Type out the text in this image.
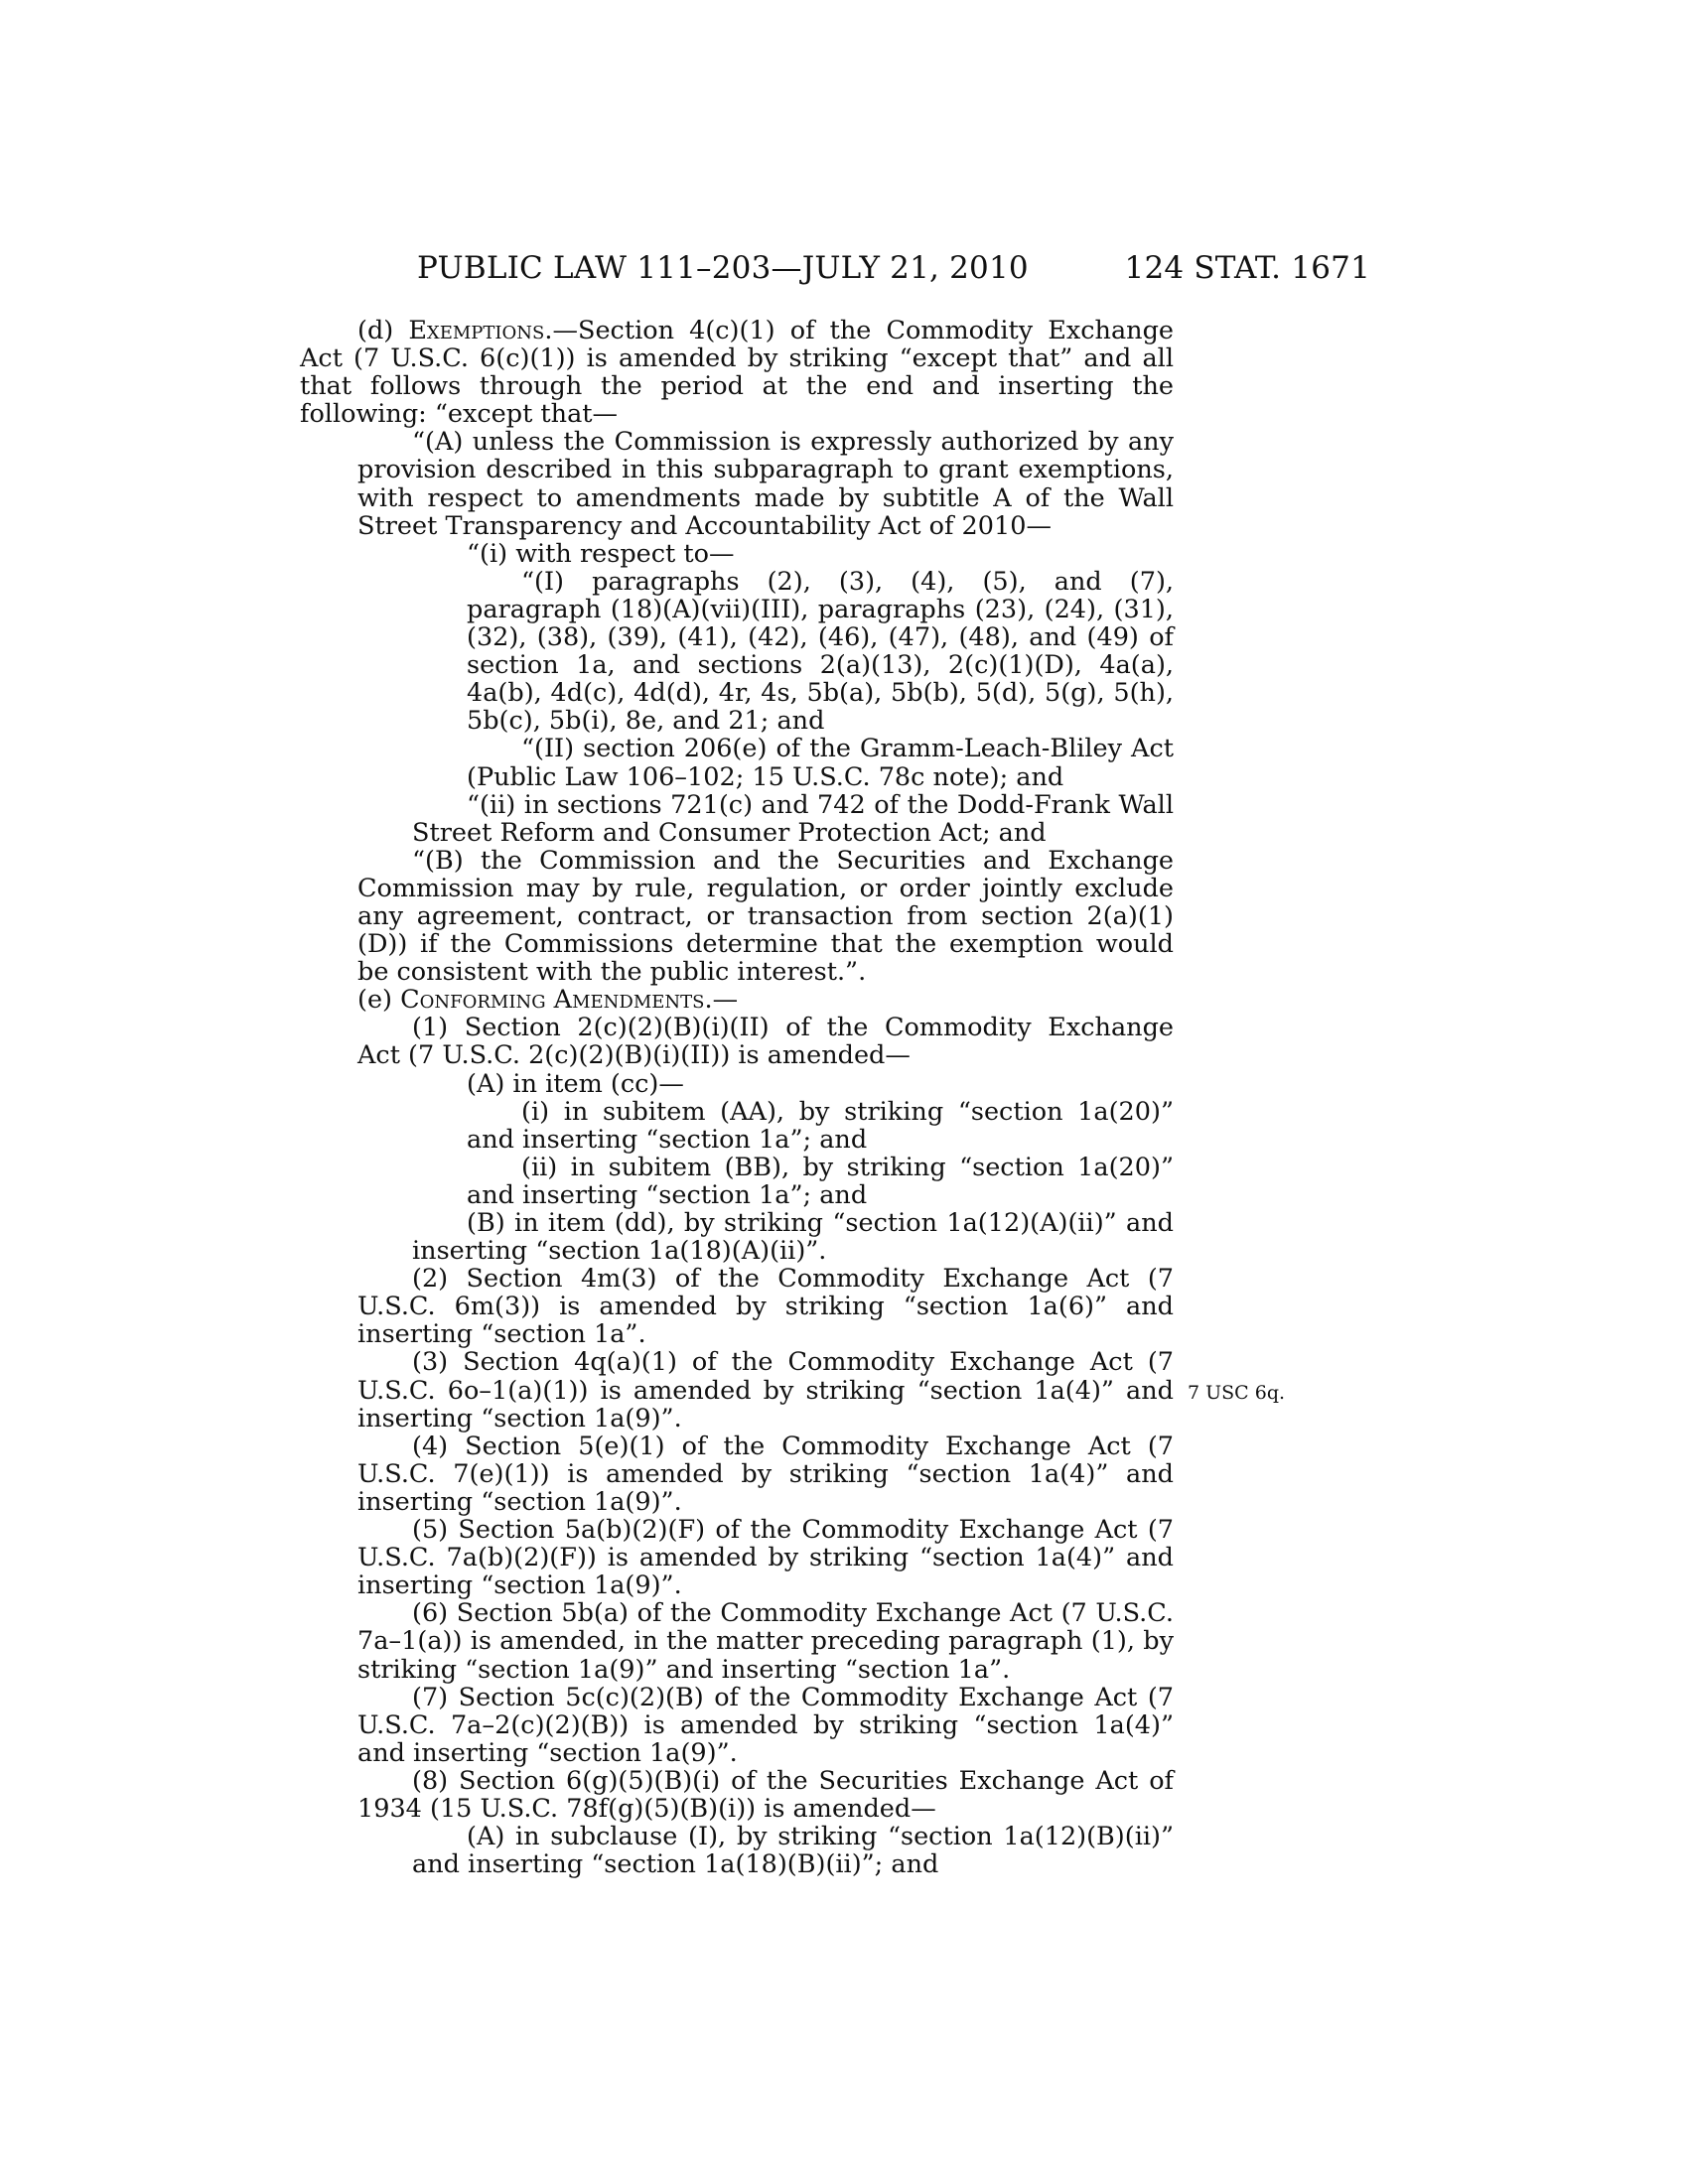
PUBLIC LAW 111–203—JULY 21, 2010	124 STAT. 1671
7 USC 6q.

(d) Exemptions.—Section 4(c)(1) of the Commodity Exchange Act (7 U.S.C. 6(c)(1)) is amended by striking “except that” and all that follows through the period at the end and inserting the following: “except that—

“(A) unless the Commission is expressly authorized by any provision described in this subparagraph to grant exemptions, with respect to amendments made by subtitle A of the Wall Street Transparency and Accountability Act of 2010—

“(i) with respect to—

“(I) paragraphs (2), (3), (4), (5), and (7), paragraph (18)(A)(vii)(III), paragraphs (23), (24), (31), (32), (38), (39), (41), (42), (46), (47), (48), and (49) of section 1a, and sections 2(a)(13), 2(c)(1)(D), 4a(a), 4a(b), 4d(c), 4d(d), 4r, 4s, 5b(a), 5b(b), 5(d), 5(g), 5(h), 5b(c), 5b(i), 8e, and 21; and

“(II) section 206(e) of the Gramm-Leach-Bliley Act (Public Law 106–102; 15 U.S.C. 78c note); and

“(ii) in sections 721(c) and 742 of the Dodd-Frank Wall Street Reform and Consumer Protection Act; and

“(B) the Commission and the Securities and Exchange Commission may by rule, regulation, or order jointly exclude any agreement, contract, or transaction from section 2(a)(1)(D)) if the Commissions determine that the exemption would be consistent with the public interest.”.

(e) Conforming Amendments.—

(1) Section 2(c)(2)(B)(i)(II) of the Commodity Exchange Act (7 U.S.C. 2(c)(2)(B)(i)(II)) is amended—

(A) in item (cc)—

(i) in subitem (AA), by striking “section 1a(20)” and inserting “section 1a”; and

(ii) in subitem (BB), by striking “section 1a(20)” and inserting “section 1a”; and

(B) in item (dd), by striking “section 1a(12)(A)(ii)” and inserting “section 1a(18)(A)(ii)”.

(2) Section 4m(3) of the Commodity Exchange Act (7 U.S.C. 6m(3)) is amended by striking “section 1a(6)” and inserting “section 1a”.

(3) Section 4q(a)(1) of the Commodity Exchange Act (7 U.S.C. 6o–1(a)(1)) is amended by striking “section 1a(4)” and inserting “section 1a(9)”.

(4) Section 5(e)(1) of the Commodity Exchange Act (7 U.S.C. 7(e)(1)) is amended by striking “section 1a(4)” and inserting “section 1a(9)”.

(5) Section 5a(b)(2)(F) of the Commodity Exchange Act (7 U.S.C. 7a(b)(2)(F)) is amended by striking “section 1a(4)” and inserting “section 1a(9)”.

(6) Section 5b(a) of the Commodity Exchange Act (7 U.S.C. 7a–1(a)) is amended, in the matter preceding paragraph (1), by striking “section 1a(9)” and inserting “section 1a”.

(7) Section 5c(c)(2)(B) of the Commodity Exchange Act (7 U.S.C. 7a–2(c)(2)(B)) is amended by striking “section 1a(4)” and inserting “section 1a(9)”.

(8) Section 6(g)(5)(B)(i) of the Securities Exchange Act of 1934 (15 U.S.C. 78f(g)(5)(B)(i)) is amended—

(A) in subclause (I), by striking “section 1a(12)(B)(ii)” and inserting “section 1a(18)(B)(ii)”; and
